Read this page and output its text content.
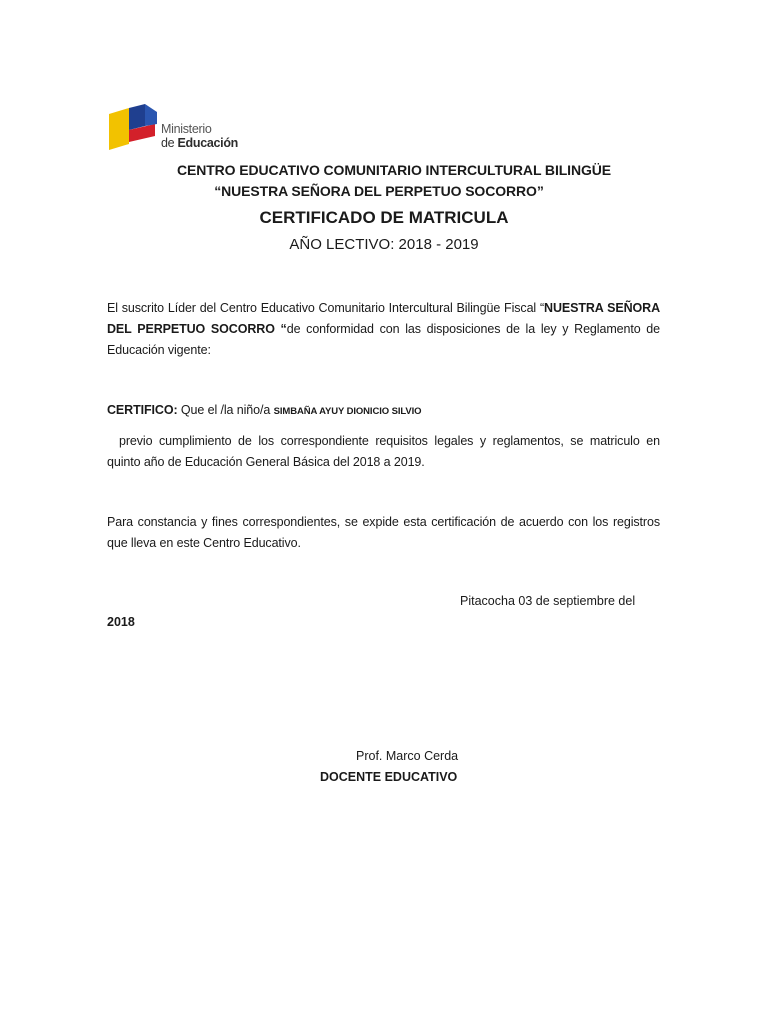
Ministerio
de Educación
CENTRO EDUCATIVO COMUNITARIO INTERCULTURAL BILINGÜE
“NUESTRA SEÑORA DEL PERPETUO SOCORRO”
CERTIFICADO DE MATRICULA
AÑO LECTIVO: 2018 - 2019
El suscrito Líder del Centro Educativo Comunitario Intercultural Bilingüe Fiscal “NUESTRA SEÑORA DEL PERPETUO SOCORRO “de conformidad con las disposiciones de la ley y Reglamento de Educación vigente:
CERTIFICO: Que el /la niño/a SIMBAÑA AYUY DIONICIO SILVIO
previo cumplimiento de los correspondiente requisitos legales y reglamentos, se matriculo en quinto año de Educación General Básica del 2018 a 2019.
Para constancia y fines correspondientes, se expide esta certificación de acuerdo con los registros que lleva en este Centro Educativo.
Pitacocha 03 de septiembre del
2018
Prof. Marco Cerda
DOCENTE EDUCATIVO
